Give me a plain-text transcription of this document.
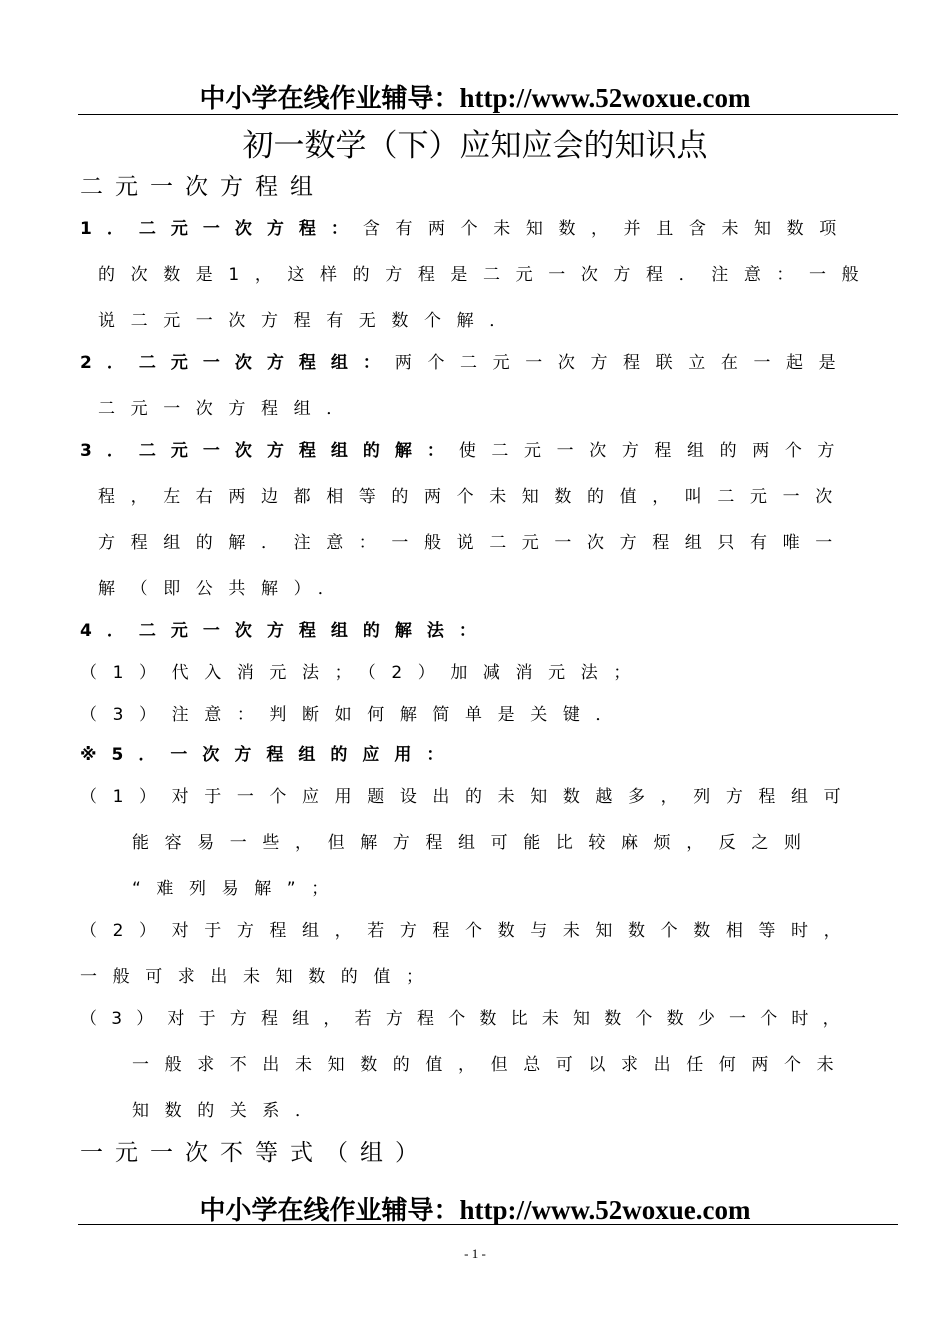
中小学在线作业辅导：http://www.52woxue.com
初一数学（下）应知应会的知识点
二元一次方程组
1．二元一次方程：含有两个未知数，并且含未知数项
的次数是1，这样的方程是二元一次方程．注意：一般
说二元一次方程有无数个解．
2．二元一次方程组：两个二元一次方程联立在一起是
二元一次方程组．
3．二元一次方程组的解：使二元一次方程组的两个方
程，左右两边都相等的两个未知数的值，叫二元一次
方程组的解．注意：一般说二元一次方程组只有唯一
解（即公共解）．
4．二元一次方程组的解法：
（1）代入消元法；（2）加减消元法；
（3）注意：判断如何解简单是关键．
※5．一次方程组的应用：
（1）对于一个应用题设出的未知数越多，列方程组可
能容易一些，但解方程组可能比较麻烦，反之则
“难列易解”；
（2）对于方程组，若方程个数与未知数个数相等时，
一般可求出未知数的值；
（3）对于方程组，若方程个数比未知数个数少一个时，
一般求不出未知数的值，但总可以求出任何两个未
知数的关系．
一元一次不等式（组）
中小学在线作业辅导：http://www.52woxue.com
- 1 -
